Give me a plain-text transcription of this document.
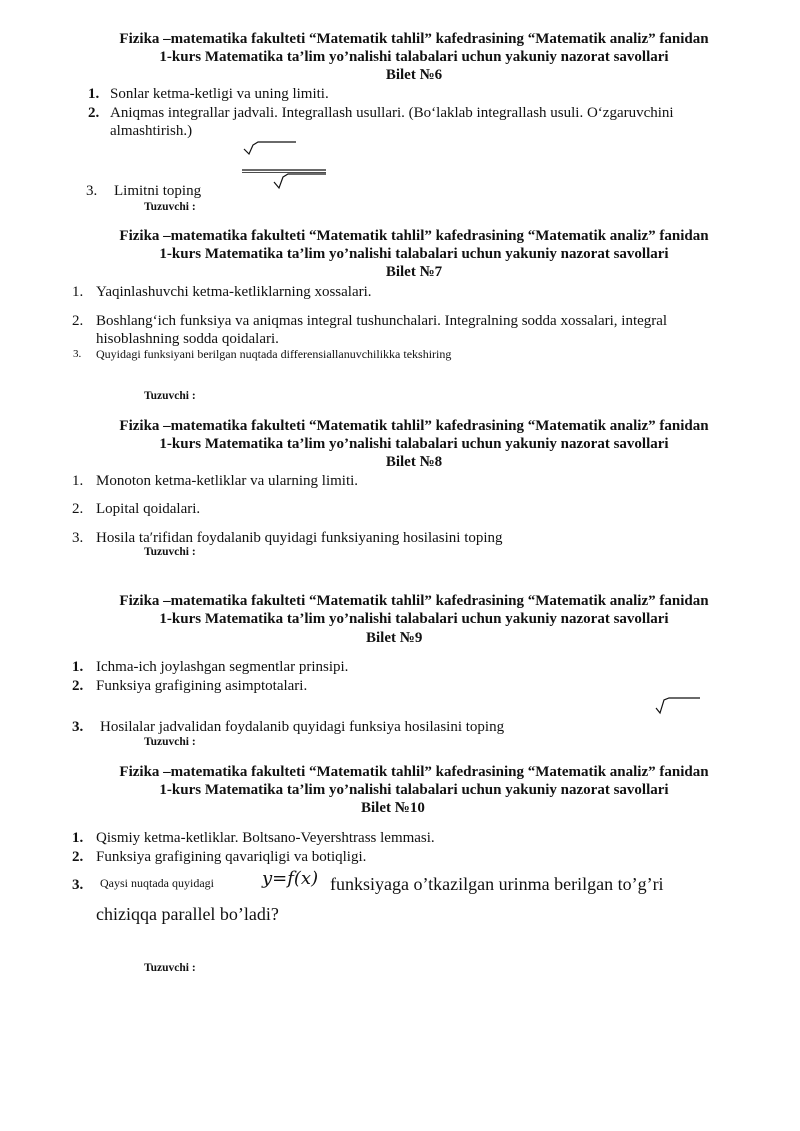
Fizika –matematika fakulteti “Matematik tahlil” kafedrasining “Matematik analiz” fanidan
1-kurs Matematika ta’lim yo’nalishi talabalari uchun yakuniy nazorat savollari
Bilet №6
1. Sonlar ketma-ketligi va uning limiti.
2. Aniqmas integrallar jadvali. Integrallash usullari. (Bo‘laklab integrallash usuli. O‘zgaruvchini
almashtirish.)
3. Limitni toping
Tuzuvchi :
Fizika –matematika fakulteti “Matematik tahlil” kafedrasining “Matematik analiz” fanidan
1-kurs Matematika ta’lim yo’nalishi talabalari uchun yakuniy nazorat savollari
Bilet №7
1. Yaqinlashuvchi ketma-ketliklarning xossalari.
2. Boshlang‘ich funksiya va aniqmas integral tushunchalari. Integralning sodda xossalari, integral
hisoblashning sodda qoidalari.
3. Quyidagi funksiyani berilgan nuqtada differensiallanuvchilikka tekshiring
Tuzuvchi :
Fizika –matematika fakulteti “Matematik tahlil” kafedrasining “Matematik analiz” fanidan
1-kurs Matematika ta’lim yo’nalishi talabalari uchun yakuniy nazorat savollari
Bilet №8
1. Monoton ketma-ketliklar va ularning limiti.
2. Lopital qoidalari.
3. Hosila taʹrifidan foydalanib quyidagi funksiyaning hosilasini toping
Tuzuvchi :
Fizika –matematika fakulteti “Matematik tahlil” kafedrasining “Matematik analiz” fanidan
1-kurs Matematika ta’lim yo’nalishi talabalari uchun yakuniy nazorat savollari
Bilet №9
1. Ichma-ich joylashgan segmentlar prinsipi.
2. Funksiya grafigining asimptotalari.
3. Hosilalar jadvalidan foydalanib quyidagi funksiya hosilasini toping
Tuzuvchi :
Fizika –matematika fakulteti “Matematik tahlil” kafedrasining “Matematik analiz” fanidan
1-kurs Matematika ta’lim yo’nalishi talabalari uchun yakuniy nazorat savollari
Bilet №10
1. Qismiy ketma-ketliklar. Boltsano-Veyershtrass lemmasi.
2. Funksiya grafigining qavariqligi va botiqligi.
3. Qaysi nuqtada quyidagi	y=f(x) funksiyaga o’tkazilgan urinma berilgan to’g’ri
chiziqqa parallel bo’ladi?
Tuzuvchi :
